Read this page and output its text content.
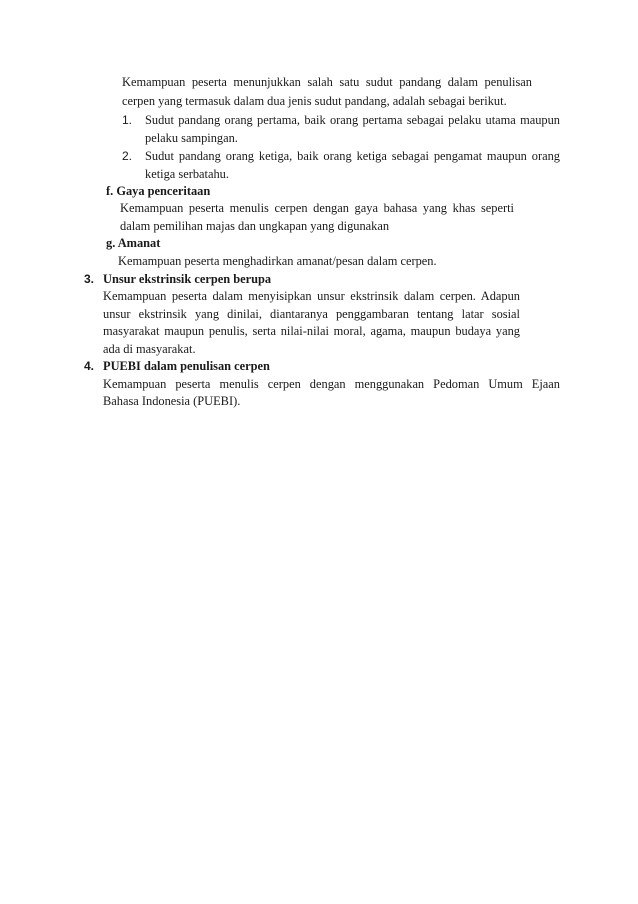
Kemampuan peserta menunjukkan salah satu sudut pandang dalam penulisan
cerpen yang termasuk dalam dua jenis sudut pandang, adalah sebagai berikut.
1. Sudut pandang orang pertama, baik orang pertama sebagai pelaku utama maupun
pelaku sampingan.
2. Sudut pandang orang ketiga, baik orang ketiga sebagai pengamat maupun orang
ketiga serbatahu.
f. Gaya penceritaan
Kemampuan peserta menulis cerpen dengan gaya bahasa yang khas seperti
dalam pemilihan majas dan ungkapan yang digunakan
g. Amanat
Kemampuan peserta menghadirkan amanat/pesan dalam cerpen.
3. Unsur ekstrinsik cerpen berupa
Kemampuan peserta dalam menyisipkan unsur ekstrinsik dalam cerpen. Adapun
unsur ekstrinsik yang dinilai, diantaranya penggambaran tentang latar sosial
masyarakat maupun penulis, serta nilai-nilai moral, agama, maupun budaya yang
ada di masyarakat.
4. PUEBI dalam penulisan cerpen
Kemampuan peserta menulis cerpen dengan menggunakan Pedoman Umum Ejaan
Bahasa Indonesia (PUEBI).
